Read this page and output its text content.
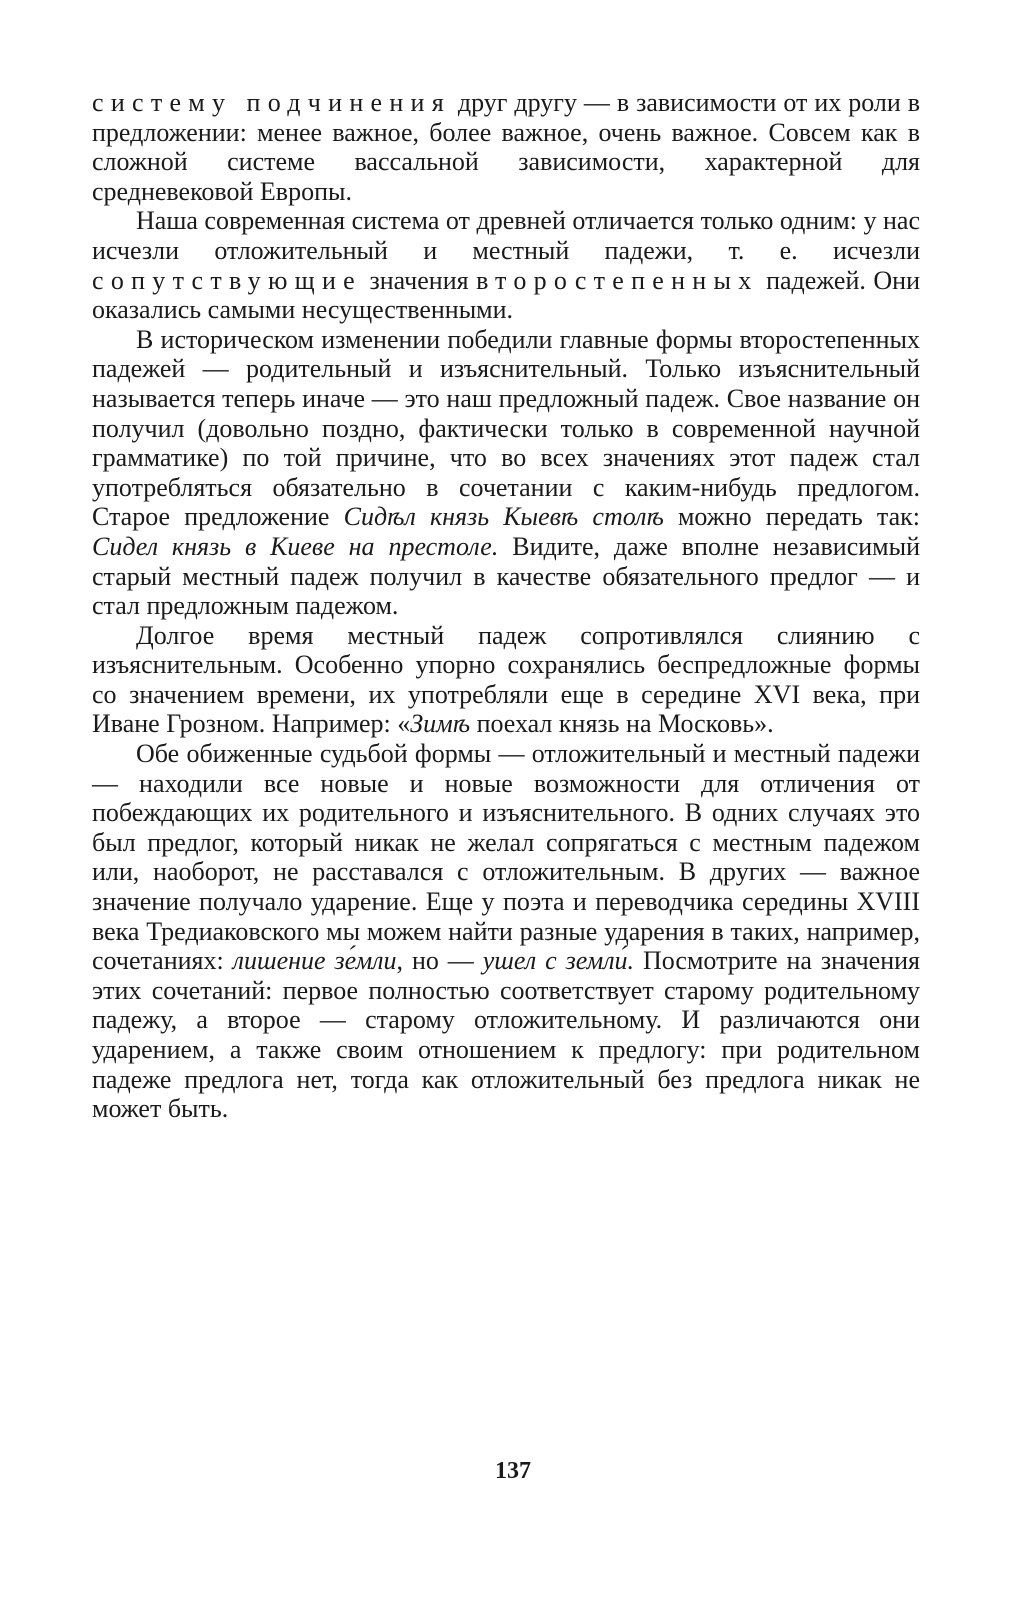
систему подчинения друг другу — в зависимости от их роли в предложении: менее важное, более важное, очень важное. Совсем как в сложной системе вассальной зависимости, характерной для средневековой Европы.

Наша современная система от древней отличается только одним: у нас исчезли отложительный и местный падежи, т. е. исчезли сопутствующие значения второстепенных падежей. Они оказались самыми несущественными.

В историческом изменении победили главные формы второстепенных падежей — родительный и изъяснительный. Только изъяснительный называется теперь иначе — это наш предложный падеж. Свое название он получил (довольно поздно, фактически только в современной научной грамматике) по той причине, что во всех значениях этот падеж стал употребляться обязательно в сочетании с каким-нибудь предлогом. Старое предложение Сидѣл князь Кыевѣ столѣ можно передать так: Сидел князь в Киеве на престоле. Видите, даже вполне независимый старый местный падеж получил в качестве обязательного предлог — и стал предложным падежом.

Долгое время местный падеж сопротивлялся слиянию с изъяснительным. Особенно упорно сохранялись беспредложные формы со значением времени, их употребляли еще в середине XVI века, при Иване Грозном. Например: «Зимѣ поехал князь на Московь».

Обе обиженные судьбой формы — отложительный и местный падежи — находили все новые и новые возможности для отличения от побеждающих их родительного и изъяснительного. В одних случаях это был предлог, который никак не желал сопрягаться с местным падежом или, наоборот, не расставался с отложительным. В других — важное значение получало ударение. Еще у поэта и переводчика середины XVIII века Тредиаковского мы можем найти разные ударения в таких, например, сочетаниях: лишение зе́мли, но — ушел с земли́. Посмотрите на значения этих сочетаний: первое полностью соответствует старому родительному падежу, а второе — старому отложительному. И различаются они ударением, а также своим отношением к предлогу: при родительном падеже предлога нет, тогда как отложительный без предлога никак не может быть.

137
